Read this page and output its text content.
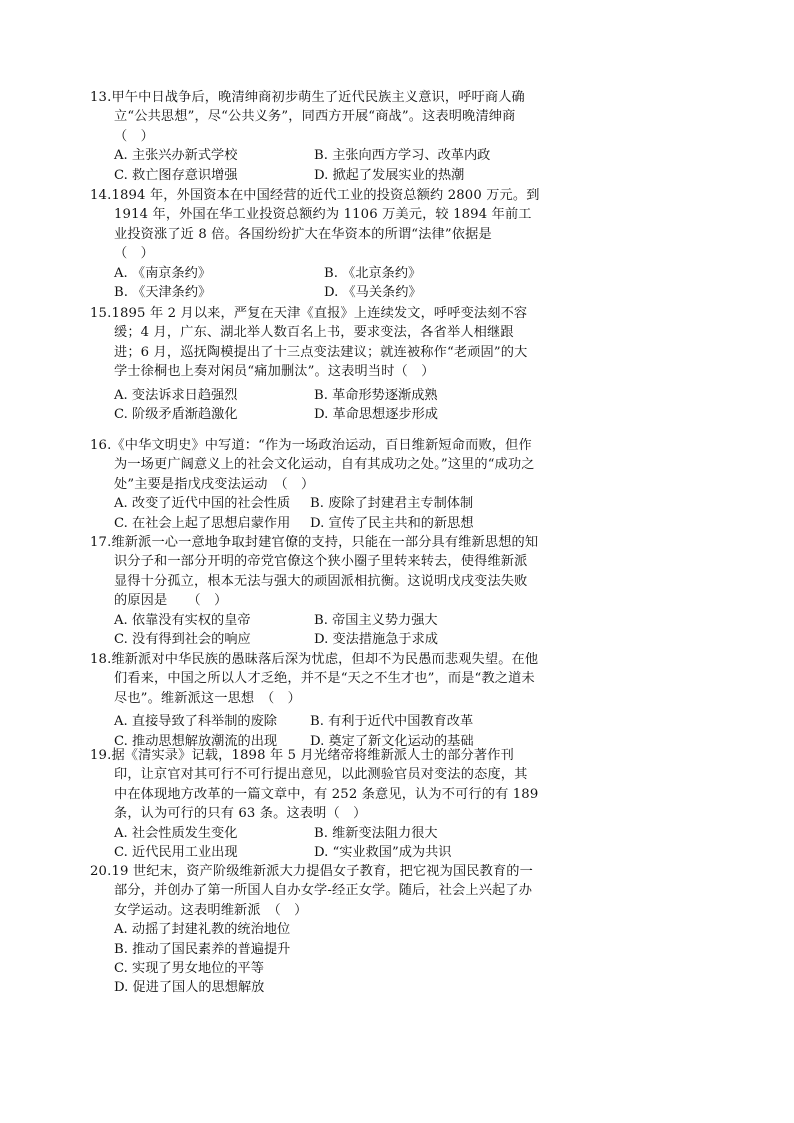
13.甲午中日战争后，晚清绅商初步萌生了近代民族主义意识，呼吁商人确立“公共思想”，尽“公共义务”，同西方开展“商战”。这表明晚清绅商　　　　（　）

A. 主张兴办新式学校	B. 主张向西方学习、改革内政
C. 救亡图存意识增强	D. 掀起了发展实业的热潮

14.1894 年，外国资本在中国经营的近代工业的投资总额约 2800 万元。到 1914 年，外国在华工业投资总额约为 1106 万美元，较 1894 年前工业投资涨了近 8 倍。各国纷纷扩大在华资本的所谓“法律”依据是　　　　（　）

A. 《南京条约》	B. 《北京条约》
B. 《天津条约》	D. 《马关条约》

15.1895 年 2 月以来，严复在天津《直报》上连续发文，呼呼变法刻不容缓；4 月，广东、湖北举人数百名上书，要求变法，各省举人相继跟进；6 月，巡抚陶模提出了十三点变法建议；就连被称作“老顽固”的大学士徐桐也上奏对闲员“痛加删汰”。这表明当时（　）

A. 变法诉求日趋强烈	B. 革命形势逐渐成熟
C. 阶级矛盾渐趋激化	D. 革命思想逐步形成

16.《中华文明史》中写道：“作为一场政治运动，百日维新短命而败，但作为一场更广阔意义上的社会文化运动，自有其成功之处。”这里的“成功之处”主要是指戊戌变法运动　（　）

A. 改变了近代中国的社会性质	B. 废除了封建君主专制体制
C. 在社会上起了思想启蒙作用	D. 宣传了民主共和的新思想

17.维新派一心一意地争取封建官僚的支持，只能在一部分具有维新思想的知识分子和一部分开明的帝党官僚这个狭小圈子里转来转去，使得维新派显得十分孤立，根本无法与强大的顽固派相抗衡。这说明戊戌变法失败的原因是　　（　）

A. 依靠没有实权的皇帝	B. 帝国主义势力强大
C. 没有得到社会的响应	D. 变法措施急于求成

18.维新派对中华民族的愚昧落后深为忧虑，但却不为民愚而悲观失望。在他们看来，中国之所以人才乏绝，并不是“天之不生才也”，而是“教之道未尽也”。维新派这一思想　（　）

A. 直接导致了科举制的废除	B. 有利于近代中国教育改革
C. 推动思想解放潮流的出现	D. 奠定了新文化运动的基础

19.据《清实录》记载，1898 年 5 月光绪帝将维新派人士的部分著作刊印，让京官对其可行不可行提出意见，以此测验官员对变法的态度，其中在体现地方改革的一篇文章中，有 252 条意见，认为不可行的有 189 条，认为可行的只有 63 条。这表明（　）

A. 社会性质发生变化	B. 维新变法阻力很大
C. 近代民用工业出现	D. “实业救国”成为共识

20.19 世纪末，资产阶级维新派大力提倡女子教育，把它视为国民教育的一部分，并创办了第一所国人自办女学-经正女学。随后，社会上兴起了办女学运动。这表明维新派　（　）

A. 动摇了封建礼教的统治地位
B. 推动了国民素养的普遍提升
C. 实现了男女地位的平等
D. 促进了国人的思想解放
